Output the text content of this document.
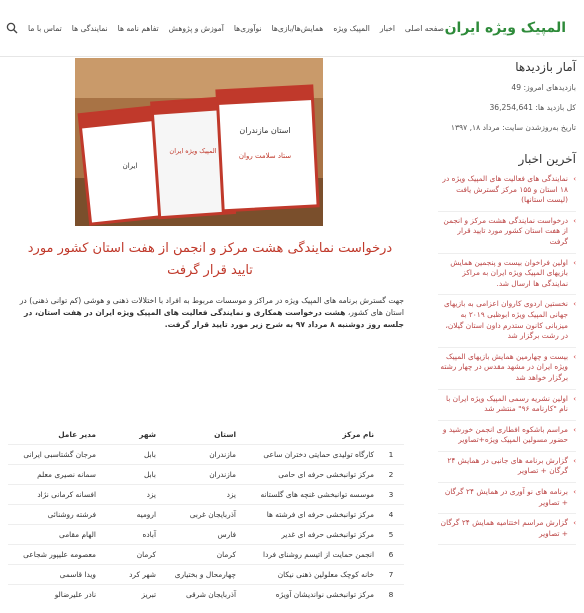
المپیک ویژه ایران
صفحه اصلی
اخبار
المپیک ویژه
همایش‌ها/بازی‌ها
نوآوری‌ها
آموزش و پژوهش
تفاهم نامه ها
نمایندگی ها
تماس با ما
آمار بازدیدها
بازدیدهای امروز: 49
کل بازدید ها: 36,254,641
تاریخ به‌روزشدن سایت: مرداد ۱۸, ۱۳۹۷
آخرین اخبار
›
نمایندگی های فعالیت های المپیک ویژه در ۱۸ استان و ۱۵۵ مرکز گسترش یافت (لیست استانها)
›
درخواست نمایندگی هشت مرکز و انجمن از هفت استان کشور مورد تایید قرار گرفت
›
اولین فراخوان بیست و پنجمین همایش بازیهای المپیک ویژه ایران به مراکز نمایندگی ها ارسال شد.
›
نخستین اردوی کاروان اعزامی به بازیهای جهانی المپیک ویژه ابوظبی ۲۰۱۹ به میزبانی کانون ستدرم داون استان گیلان، در رشت برگزار شد
›
بیست و چهارمین همایش بازیهای المپیک ویژه ایران در مشهد مقدس در چهار رشته برگزار خواهد شد
›
اولین نشریه رسمی المپیک ویژه ایران با نام "کارنامه ۹۶" منتشر شد
›
مراسم باشکوه افطاری انجمن خورشید و حضور مسولین المپیک ویژه+تصاویر
›
گزارش برنامه های جانبی در همایش ۲۴ گرگان + تصاویر
›
برنامه های نو آوری در همایش ۲۴ گرگان + تصاویر
›
گزارش مراسم اختتامیه همایش ۲۴ گرگان + تصاویر
استان مازندران
ستاد سلامت روان
المپیک ویژه ایران
ایران
درخواست نمایندگی هشت مرکز و انجمن از هفت استان کشور مورد تایید قرار گرفت
جهت گسترش برنامه های المپیک ویژه در مراکز و موسسات مربوط به افراد با اختلالات ذهنی و هوشی (کم توانی ذهنی) در استان های کشور، هشت درخواست همکاری و نمایندگی فعالیت های المپیک ویژه ایران در هفت استان، در جلسه روز دوشنبه ۸ مرداد ۹۷ به شرح زیر مورد تایید قرار گرفت.
	نام مرکز	استان	شهر	مدیر عامل
1	کارگاه تولیدی حمایتی دختران ساعی	مازندران	بابل	مرجان گشتاسبی ایرانی
2	مرکز توانبخشی حرفه ای حامی	مازندران	بابل	سمانه نصیری معلم
3	موسسه توانبخشی غنچه های گلستانه	یزد	یزد	افسانه کرمانی نژاد
4	مرکز توانبخشی حرفه ای فرشته ها	آذربایجان غربی	ارومیه	فرشته روشنائی
5	مرکز توانبخشی حرفه ای غدیر	فارس	آباده	الهام مقامی
6	انجمن حمایت از اتیسم روشنای فردا	کرمان	کرمان	معصومه علیپور شجاعی
7	خانه کوچک معلولین ذهنی نیکان	چهارمحال و بختیاری	شهر کرد	ویدا قاسمی
8	مرکز توانبخشی نواندیشان آویژه	آذربایجان شرقی	تبریز	نادر علیرضالو
